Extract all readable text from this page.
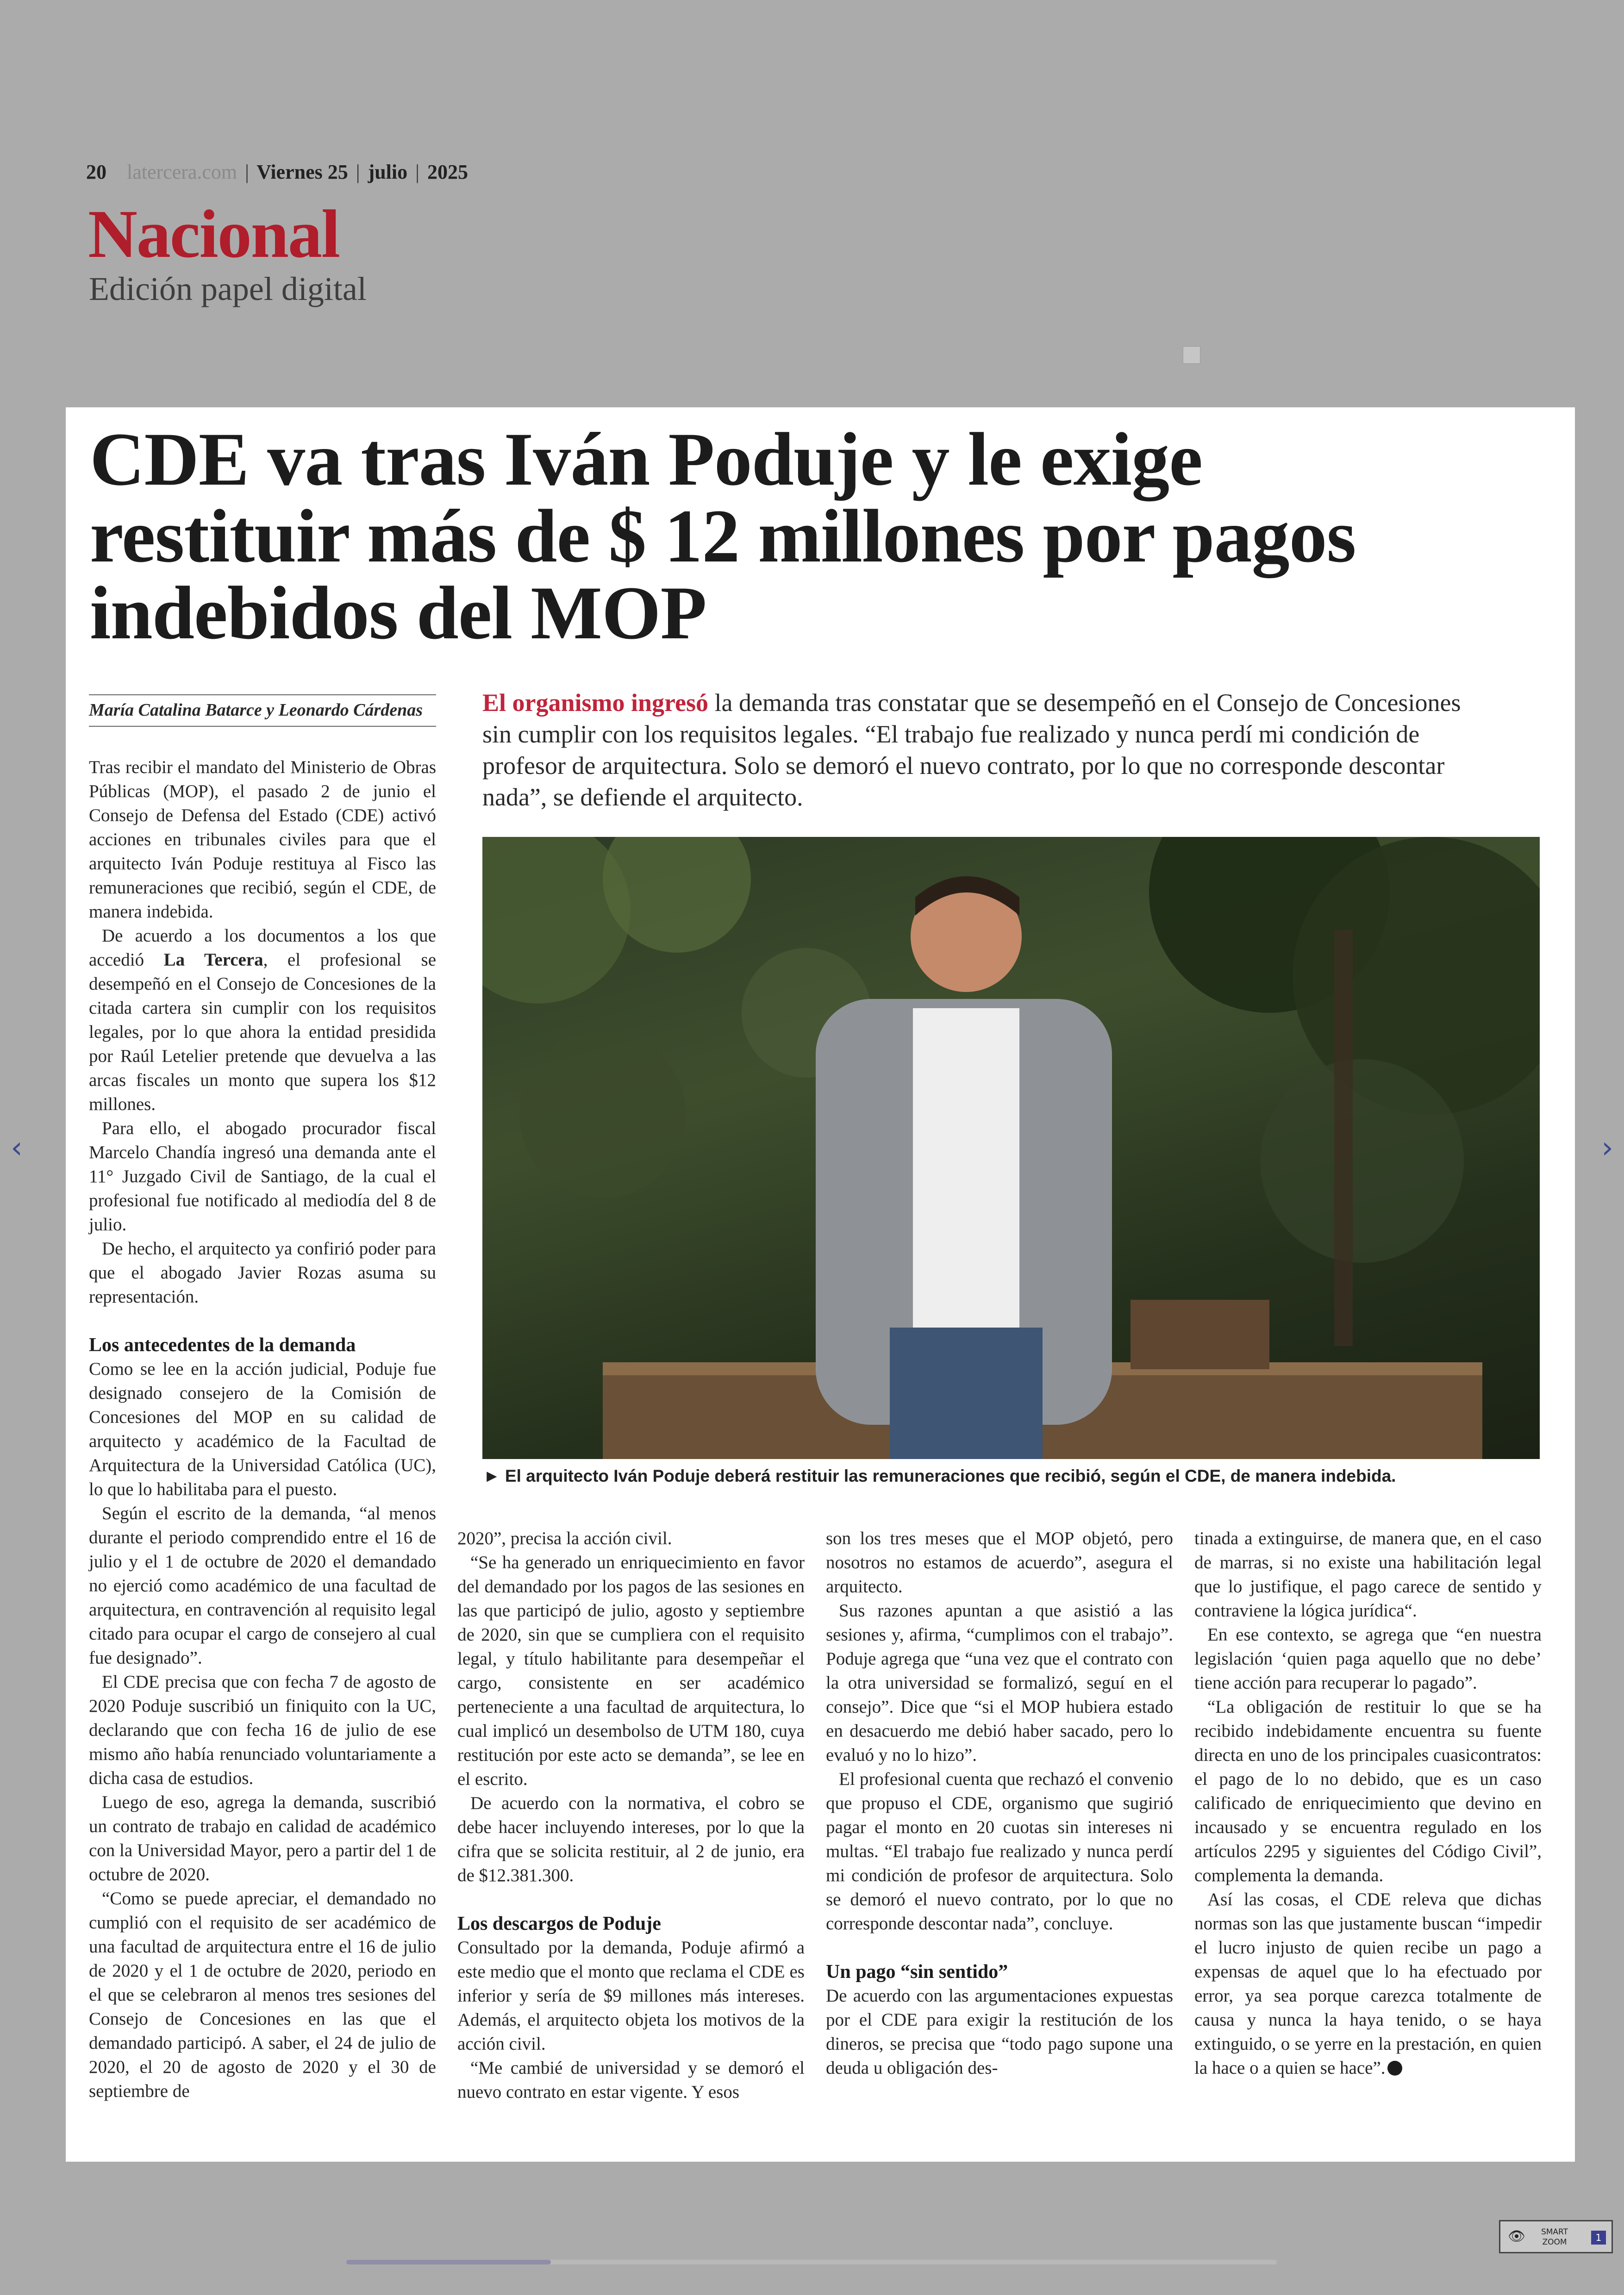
20 latercera.com | Viernes 25 | julio | 2025
Nacional
Edición papel digital
CDE va tras Iván Poduje y le exige restituir más de $ 12 millones por pagos indebidos del MOP
María Catalina Batarce y Leonardo Cárdenas	El organismo ingresó la demanda tras constatar que se desempeñó en el Consejo de Concesiones sin cumplir con los requisitos legales. “El trabajo fue realizado y nunca perdí mi condición de profesor de arquitectura. Solo se demoró el nuevo contrato, por lo que no corresponde descontar nada”, se defiende el arquitecto.

► El arquitecto Iván Poduje deberá restituir las remuneraciones que recibió, según el CDE, de manera indebida.

Tras recibir el mandato del Ministerio de Obras Públicas (MOP), el pasado 2 de junio el Consejo de Defensa del Estado (CDE) activó acciones en tribunales civiles para que el arquitecto Iván Poduje restituya al Fisco las remuneraciones que recibió, según el CDE, de manera indebida.

De acuerdo a los documentos a los que accedió La Tercera, el profesional se desempeñó en el Consejo de Concesiones de la citada cartera sin cumplir con los requisitos legales, por lo que ahora la entidad presidida por Raúl Letelier pretende que devuelva a las arcas fiscales un monto que supera los $12 millones.

Para ello, el abogado procurador fiscal Marcelo Chandía ingresó una demanda ante el 11° Juzgado Civil de Santiago, de la cual el profesional fue notificado al mediodía del 8 de julio.

De hecho, el arquitecto ya confirió poder para que el abogado Javier Rozas asuma su representación.

Los antecedentes de la demanda

Como se lee en la acción judicial, Poduje fue designado consejero de la Comisión de Concesiones del MOP en su calidad de arquitecto y académico de la Facultad de Arquitectura de la Universidad Católica (UC), lo que lo habilitaba para el puesto.

Según el escrito de la demanda, “al menos durante el periodo comprendido entre el 16 de julio y el 1 de octubre de 2020 el demandado no ejerció como académico de una facultad de arquitectura, en contravención al requisito legal citado para ocupar el cargo de consejero al cual fue designado”.

El CDE precisa que con fecha 7 de agosto de 2020 Poduje suscribió un finiquito con la UC, declarando que con fecha 16 de julio de ese mismo año había renunciado voluntariamente a dicha casa de estudios.

Luego de eso, agrega la demanda, suscribió un contrato de trabajo en calidad de académico con la Universidad Mayor, pero a partir del 1 de octubre de 2020.

“Como se puede apreciar, el demandado no cumplió con el requisito de ser académico de una facultad de arquitectura entre el 16 de julio de 2020 y el 1 de octubre de 2020, periodo en el que se celebraron al menos tres sesiones del Consejo de Concesiones en las que el demandado participó. A saber, el 24 de julio de 2020, el 20 de agosto de 2020 y el 30 de septiembre de

2020”, precisa la acción civil.

“Se ha generado un enriquecimiento en favor del demandado por los pagos de las sesiones en las que participó de julio, agosto y septiembre de 2020, sin que se cumpliera con el requisito legal, y título habilitante para desempeñar el cargo, consistente en ser académico perteneciente a una facultad de arquitectura, lo cual implicó un desembolso de UTM 180, cuya restitución por este acto se demanda”, se lee en el escrito.

De acuerdo con la normativa, el cobro se debe hacer incluyendo intereses, por lo que la cifra que se solicita restituir, al 2 de junio, era de $12.381.300.

Los descargos de Poduje

Consultado por la demanda, Poduje afirmó a este medio que el monto que reclama el CDE es inferior y sería de $9 millones más intereses. Además, el arquitecto objeta los motivos de la acción civil.

“Me cambié de universidad y se demoró el nuevo contrato en estar vigente. Y esos

son los tres meses que el MOP objetó, pero nosotros no estamos de acuerdo”, asegura el arquitecto.

Sus razones apuntan a que asistió a las sesiones y, afirma, “cumplimos con el trabajo”. Poduje agrega que “una vez que el contrato con la otra universidad se formalizó, seguí en el consejo”. Dice que “si el MOP hubiera estado en desacuerdo me debió haber sacado, pero lo evaluó y no lo hizo”.

El profesional cuenta que rechazó el convenio que propuso el CDE, organismo que sugirió pagar el monto en 20 cuotas sin intereses ni multas. “El trabajo fue realizado y nunca perdí mi condición de profesor de arquitectura. Solo se demoró el nuevo contrato, por lo que no corresponde descontar nada”, concluye.

Un pago “sin sentido”

De acuerdo con las argumentaciones expuestas por el CDE para exigir la restitución de los dineros, se precisa que “todo pago supone una deuda u obligación des-

tinada a extinguirse, de manera que, en el caso de marras, si no existe una habilitación legal que lo justifique, el pago carece de sentido y contraviene la lógica jurídica“.

En ese contexto, se agrega que “en nuestra legislación ‘quien paga aquello que no debe’ tiene acción para recuperar lo pagado”.

“La obligación de restituir lo que se ha recibido indebidamente encuentra su fuente directa en uno de los principales cuasicontratos: el pago de lo no debido, que es un caso calificado de enriquecimiento que devino en incausado y se encuentra regulado en los artículos 2295 y siguientes del Código Civil”, complementa la demanda.

Así las cosas, el CDE releva que dichas normas son las que justamente buscan “impedir el lucro injusto de quien recibe un pago a expensas de aquel que lo ha efectuado por error, ya sea porque carezca totalmente de causa y nunca la haya tenido, o se haya extinguido, o se yerre en la prestación, en quien la hace o a quien se hace”.

‹	›
👁	SMART ZOOM	1
